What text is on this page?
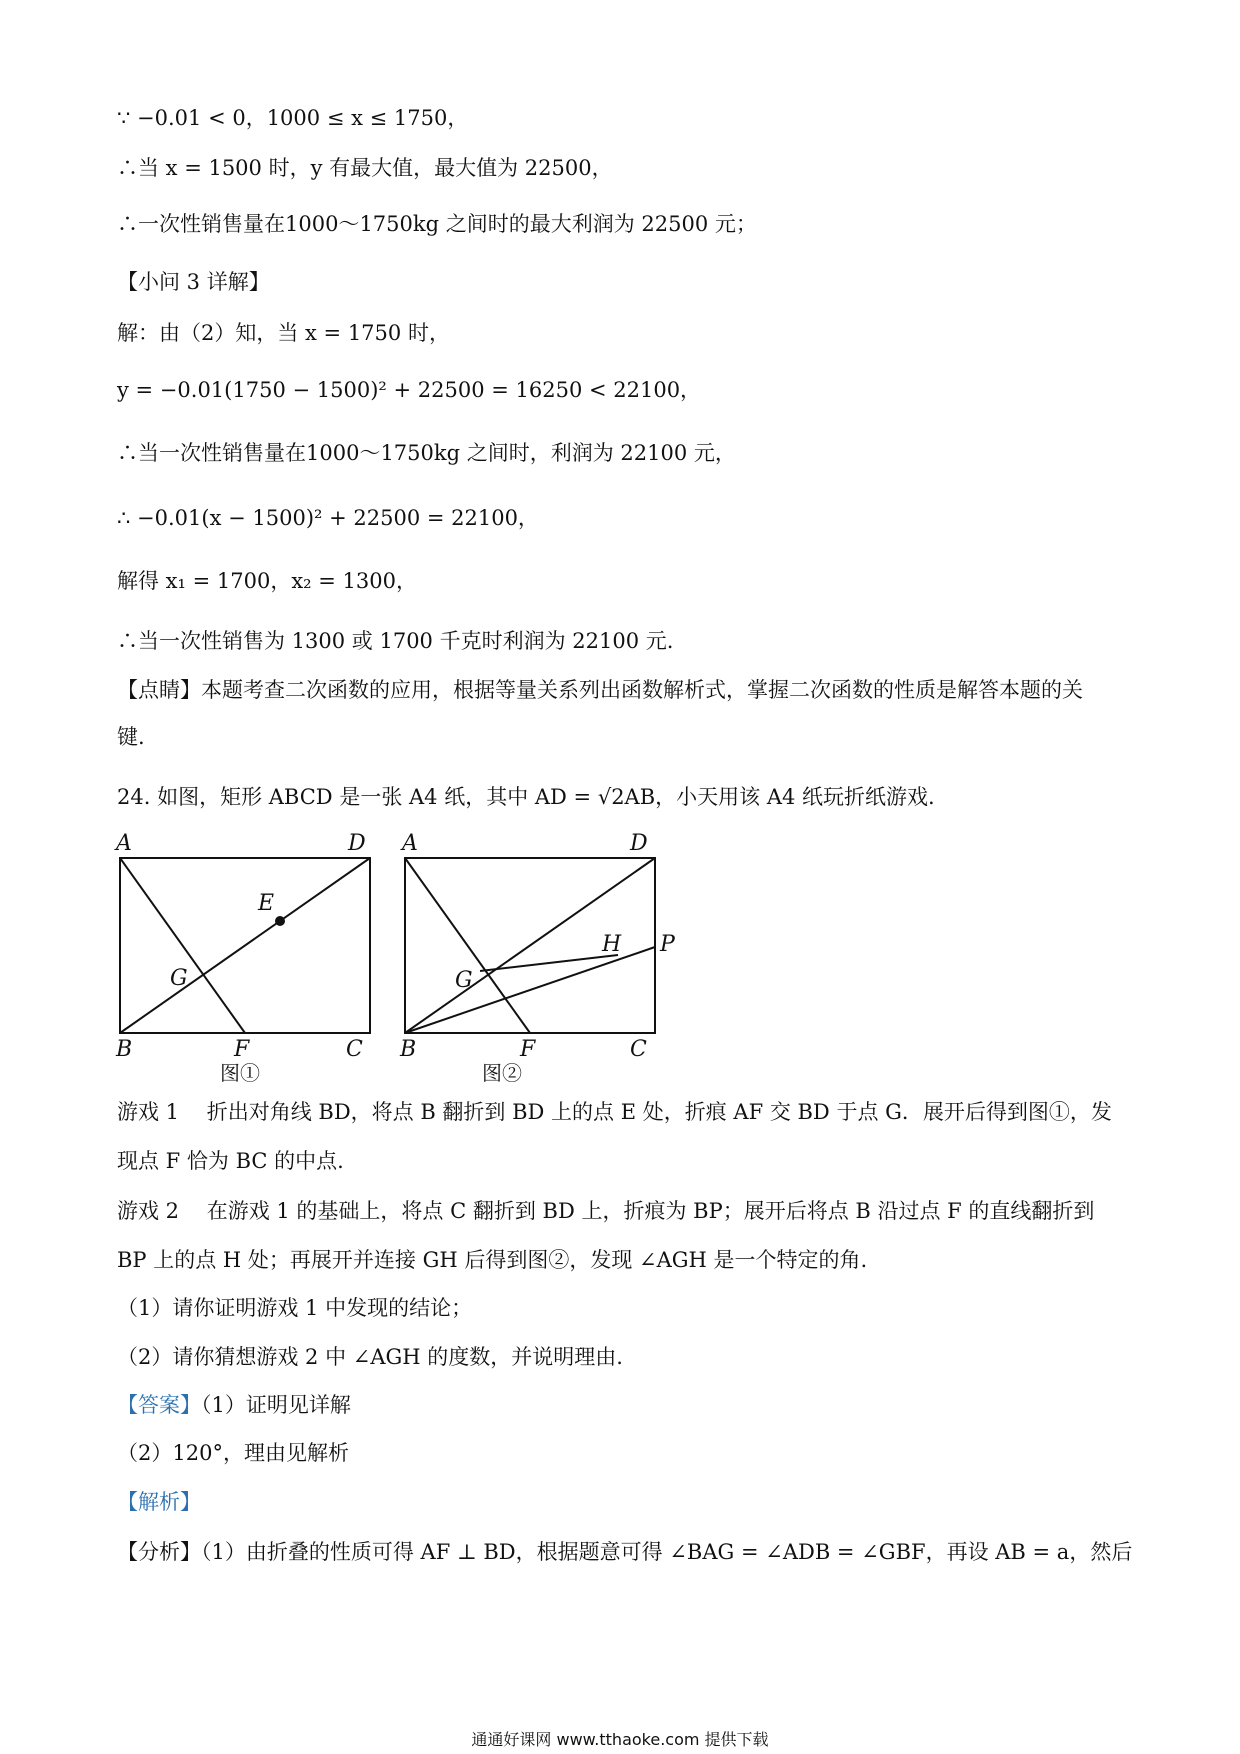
∵ −0.01 < 0，1000 ≤ x ≤ 1750，
∴当 x = 1500 时，y 有最大值，最大值为 22500，
∴一次性销售量在1000～1750kg 之间时的最大利润为 22500 元；
【小问 3 详解】
解：由（2）知，当 x = 1750 时，
y = −0.01(1750 − 1500)² + 22500 = 16250 < 22100，
∴当一次性销售量在1000～1750kg 之间时，利润为 22100 元，
∴ −0.01(x − 1500)² + 22500 = 22100，
解得 x₁ = 1700，x₂ = 1300，
∴当一次性销售为 1300 或 1700 千克时利润为 22100 元.
【点睛】本题考查二次函数的应用，根据等量关系列出函数解析式，掌握二次函数的性质是解答本题的关
键.
24. 如图，矩形 ABCD 是一张 A4 纸，其中 AD = √2AB，小天用该 A4 纸玩折纸游戏.
A	D
E
G
B	F	C
图①
A	D
H P
G
B	F	C
图②
游戏 1　 折出对角线 BD，将点 B 翻折到 BD 上的点 E 处，折痕 AF 交 BD 于点 G．展开后得到图①，发
现点 F 恰为 BC 的中点.
游戏 2　 在游戏 1 的基础上，将点 C 翻折到 BD 上，折痕为 BP；展开后将点 B 沿过点 F 的直线翻折到
BP 上的点 H 处；再展开并连接 GH 后得到图②，发现 ∠AGH 是一个特定的角.
（1）请你证明游戏 1 中发现的结论；
（2）请你猜想游戏 2 中 ∠AGH 的度数，并说明理由.
【答案】（1）证明见详解
（2）120°，理由见解析
【解析】
【分析】（1）由折叠的性质可得 AF ⊥ BD，根据题意可得 ∠BAG = ∠ADB = ∠GBF，再设 AB = a，然后
通通好课网 www.tthaoke.com 提供下载
